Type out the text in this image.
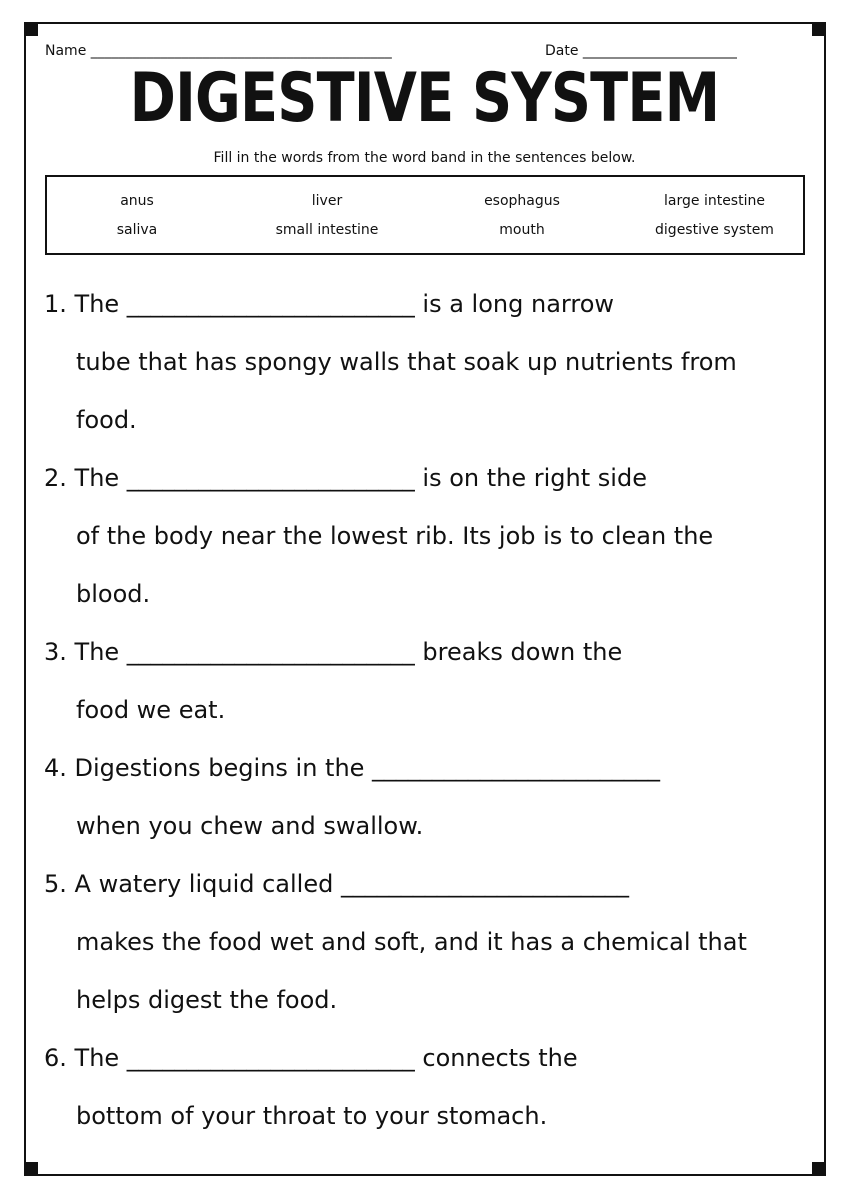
Name ___________________________________________	Date ______________________
DIGESTIVE SYSTEM
Fill in the words from the word band in the sentences below.
anus	liver	esophagus	large intestine
saliva	small intestine	mouth	digestive system
1. The ________________________ is a long narrow
tube that has spongy walls that soak up nutrients from
food.
2. The ________________________ is on the right side
of the body near the lowest rib. Its job is to clean the
blood.
3. The ________________________ breaks down the
food we eat.
4. Digestions begins in the ________________________
when you chew and swallow.
5. A watery liquid called ________________________
makes the food wet and soft, and it has a chemical that
helps digest the food.
6. The ________________________ connects the
bottom of your throat to your stomach.
